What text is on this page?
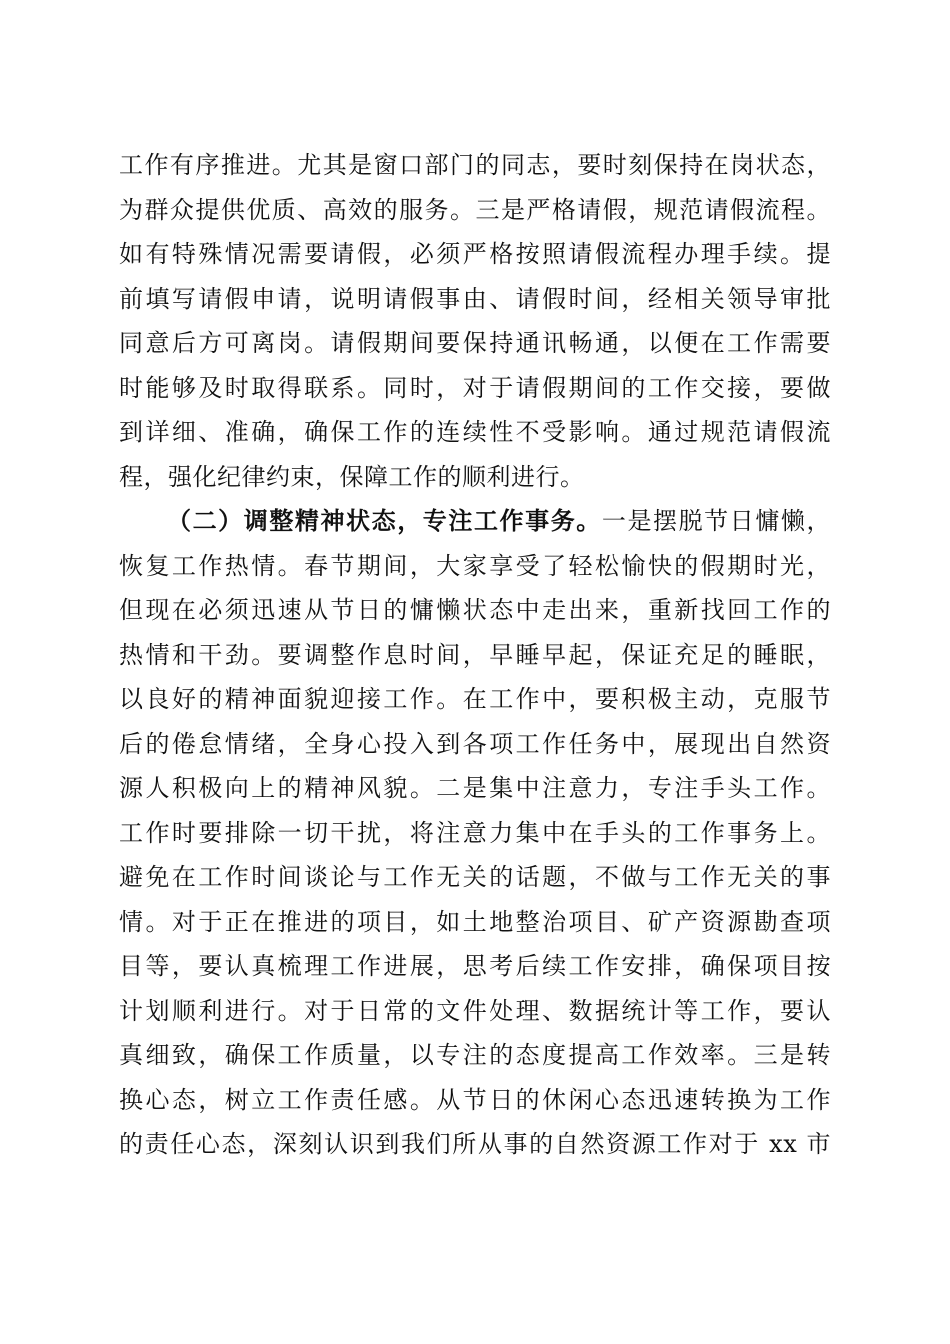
工作有序推进。尤其是窗口部门的同志，要时刻保持在岗状态，
为群众提供优质、高效的服务。三是严格请假，规范请假流程。
如有特殊情况需要请假，必须严格按照请假流程办理手续。提
前填写请假申请，说明请假事由、请假时间，经相关领导审批
同意后方可离岗。请假期间要保持通讯畅通，以便在工作需要
时能够及时取得联系。同时，对于请假期间的工作交接，要做
到详细、准确，确保工作的连续性不受影响。通过规范请假流
程，强化纪律约束，保障工作的顺利进行。
（二）调整精神状态，专注工作事务。一是摆脱节日慵懒，
恢复工作热情。春节期间，大家享受了轻松愉快的假期时光，
但现在必须迅速从节日的慵懒状态中走出来，重新找回工作的
热情和干劲。要调整作息时间，早睡早起，保证充足的睡眠，
以良好的精神面貌迎接工作。在工作中，要积极主动，克服节
后的倦怠情绪，全身心投入到各项工作任务中，展现出自然资
源人积极向上的精神风貌。二是集中注意力，专注手头工作。
工作时要排除一切干扰，将注意力集中在手头的工作事务上。
避免在工作时间谈论与工作无关的话题，不做与工作无关的事
情。对于正在推进的项目，如土地整治项目、矿产资源勘查项
目等，要认真梳理工作进展，思考后续工作安排，确保项目按
计划顺利进行。对于日常的文件处理、数据统计等工作，要认
真细致，确保工作质量，以专注的态度提高工作效率。三是转
换心态，树立工作责任感。从节日的休闲心态迅速转换为工作
的责任心态，深刻认识到我们所从事的自然资源工作对于 xx 市
